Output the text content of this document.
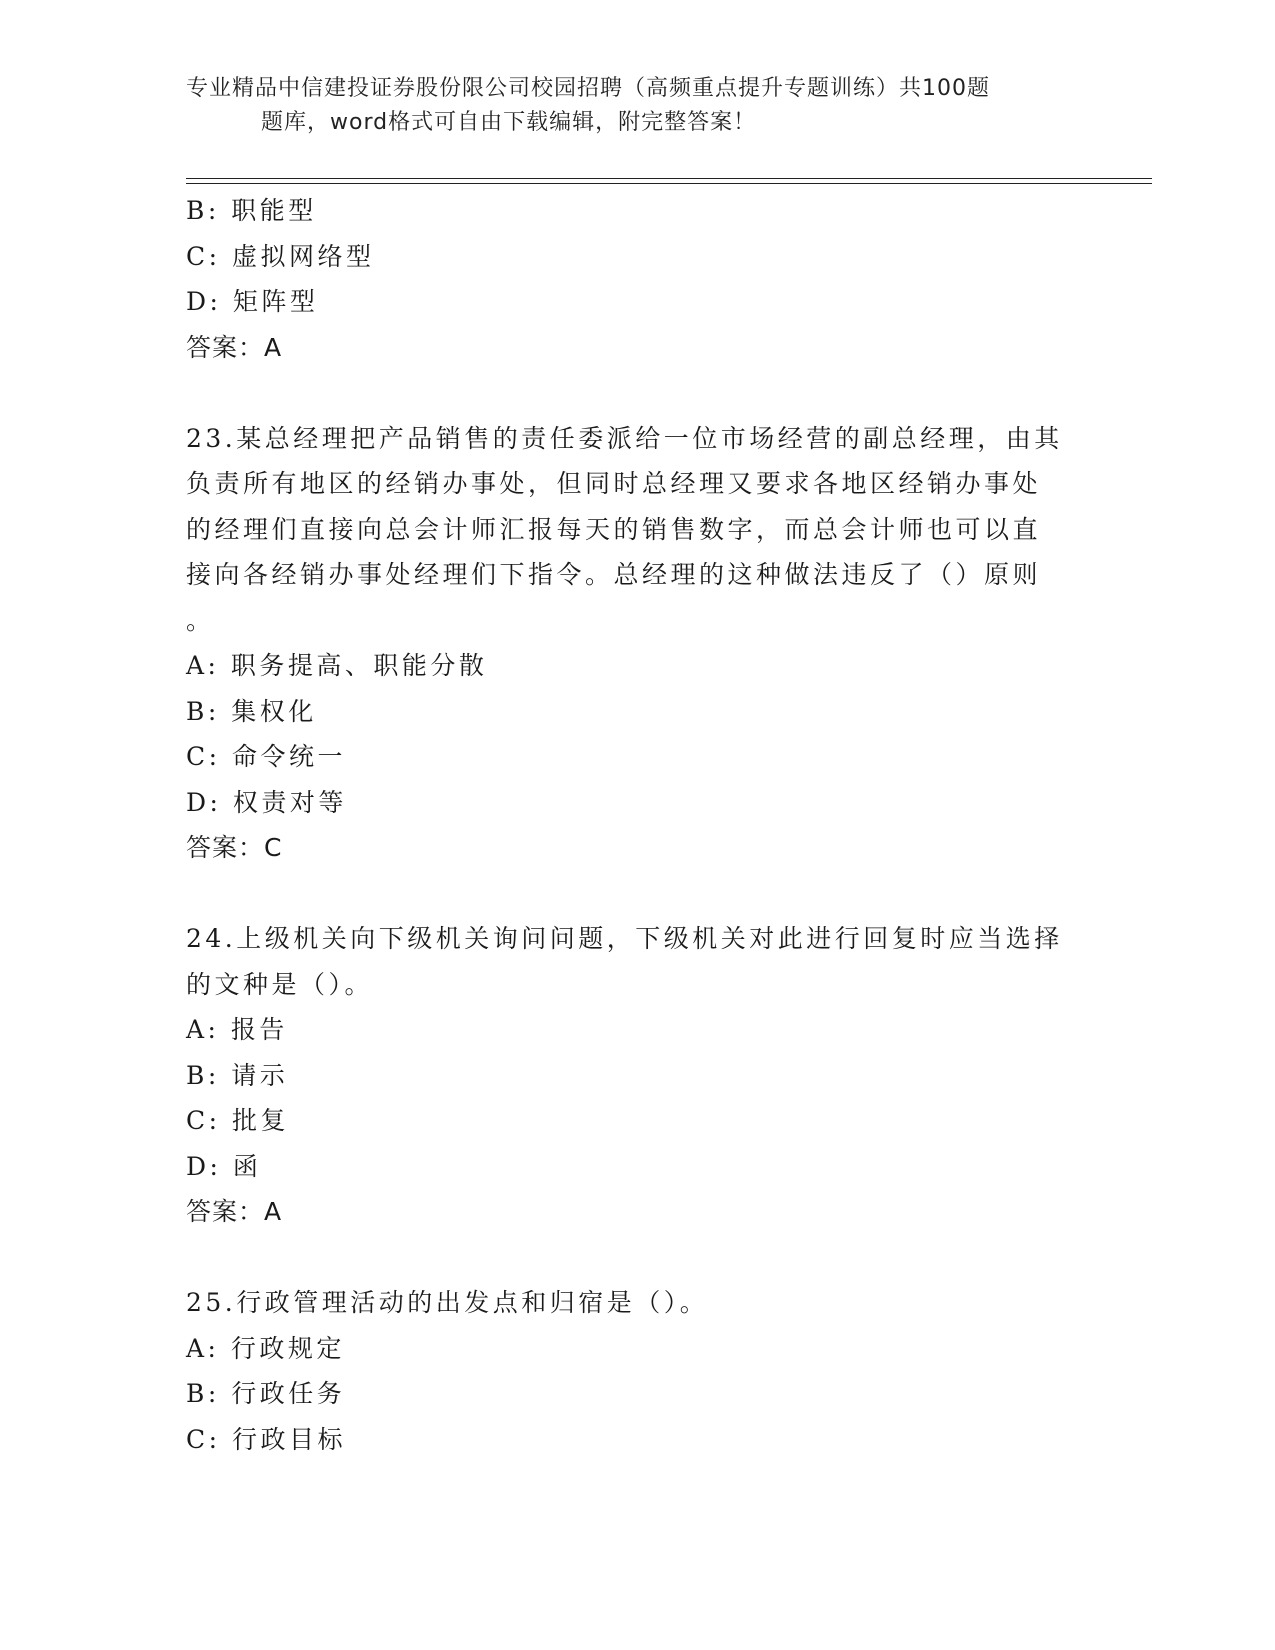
专业精品中信建投证券股份限公司校园招聘（高频重点提升专题训练）共100题
题库，word格式可自由下载编辑，附完整答案！
B: 职能型
C: 虚拟网络型
D: 矩阵型
答案：A
23.某总经理把产品销售的责任委派给一位市场经营的副总经理，由其
负责所有地区的经销办事处，但同时总经理又要求各地区经销办事处
的经理们直接向总会计师汇报每天的销售数字，而总会计师也可以直
接向各经销办事处经理们下指令。总经理的这种做法违反了（）原则
。
A: 职务提高、职能分散
B: 集权化
C: 命令统一
D: 权责对等
答案：C
24.上级机关向下级机关询问问题，下级机关对此进行回复时应当选择
的文种是（）。
A: 报告
B: 请示
C: 批复
D: 函
答案：A
25.行政管理活动的出发点和归宿是（）。
A: 行政规定
B: 行政任务
C: 行政目标
